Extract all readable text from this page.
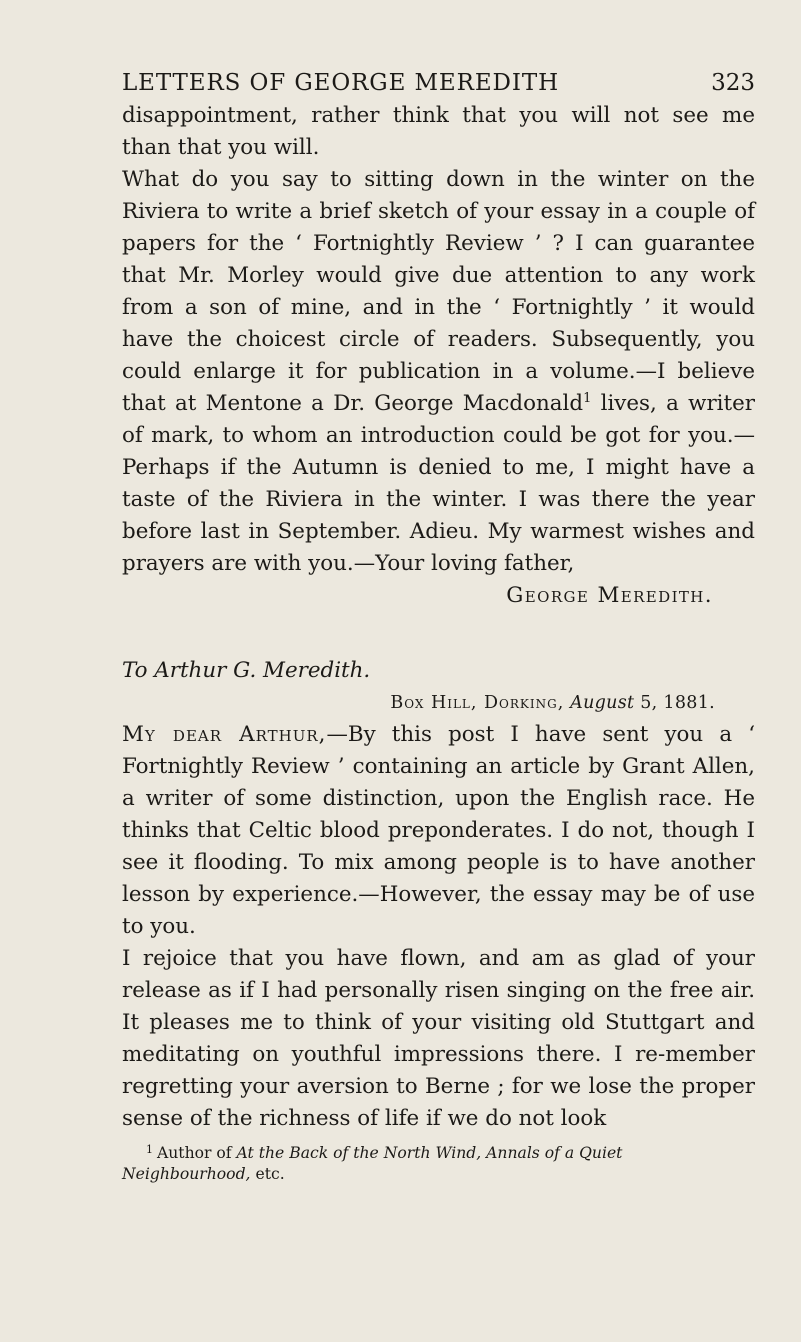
LETTERS OF GEORGE MEREDITH	323

disappointment, rather think that you will not see me than that you will.

What do you say to sitting down in the winter on the Riviera to write a brief sketch of your essay in a couple of papers for the ‘ Fortnightly Review ’ ? I can guarantee that Mr. Morley would give due attention to any work from a son of mine, and in the ‘ Fortnightly ’ it would have the choicest circle of readers. Subsequently, you could enlarge it for publication in a volume.—I believe that at Mentone a Dr. George Macdonald$^1$ lives, a writer of mark, to whom an introduction could be got for you.—Perhaps if the Autumn is denied to me, I might have a taste of the Riviera in the winter. I was there the year before last in September. Adieu. My warmest wishes and prayers are with you.—Your loving father,

George Meredith.

To Arthur G. Meredith.

Box Hill, Dorking, August 5, 1881.

My dear Arthur,—By this post I have sent you a ‘ Fortnightly Review ’ containing an article by Grant Allen, a writer of some distinction, upon the English race. He thinks that Celtic blood preponderates. I do not, though I see it flooding. To mix among people is to have another lesson by experience.—However, the essay may be of use to you.

I rejoice that you have flown, and am as glad of your release as if I had personally risen singing on the free air. It pleases me to think of your visiting old Stuttgart and meditating on youthful impressions there. I re-member regretting your aversion to Berne ; for we lose the proper sense of the richness of life if we do not look

$^1$ Author of At the Back of the North Wind, Annals of a Quiet Neighbourhood, etc.
